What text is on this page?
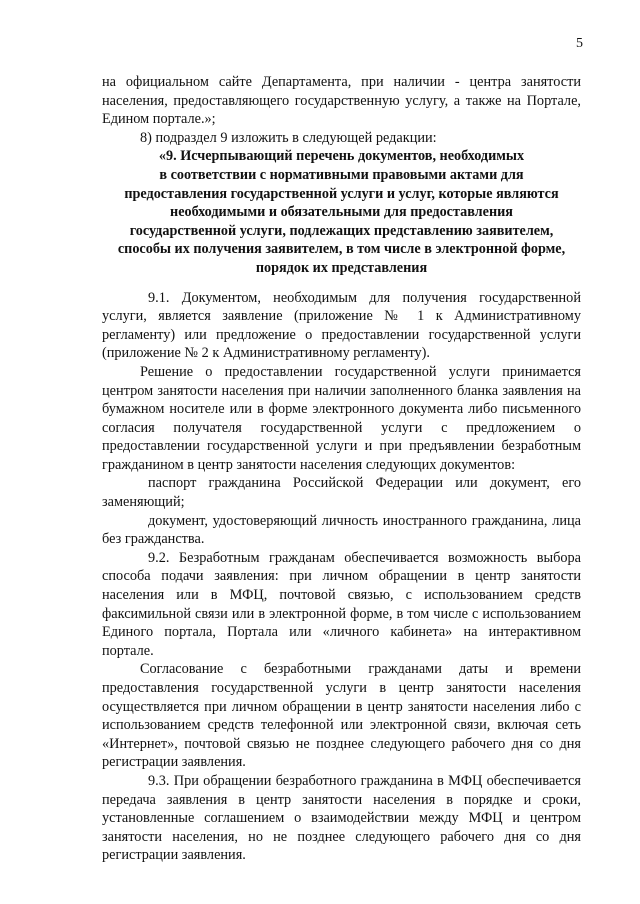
5

на официальном сайте Департамента, при наличии - центра занятости населения, предоставляющего государственную услугу, а также на Портале, Едином портале.»;

8) подраздел 9 изложить в следующей редакции:

«9. Исчерпывающий перечень документов, необходимых

в соответствии с нормативными правовыми актами для

предоставления государственной услуги и услуг, которые являются

необходимыми и обязательными для предоставления

государственной услуги, подлежащих представлению заявителем,

способы их получения заявителем, в том числе в электронной форме,

порядок их представления

9.1. Документом, необходимым для получения государственной услуги, является заявление (приложение № 1 к Административному регламенту) или предложение о предоставлении государственной услуги (приложение № 2 к Административному регламенту).

Решение о предоставлении государственной услуги принимается центром занятости населения при наличии заполненного бланка заявления на бумажном носителе или в форме электронного документа либо письменного согласия получателя государственной услуги с предложением о предоставлении государственной услуги и при предъявлении безработным гражданином в центр занятости населения следующих документов:

паспорт гражданина Российской Федерации или документ, его заменяющий;

документ, удостоверяющий личность иностранного гражданина, лица без гражданства.

9.2. Безработным гражданам обеспечивается возможность выбора способа подачи заявления: при личном обращении в центр занятости населения или в МФЦ, почтовой связью, с использованием средств факсимильной связи или в электронной форме, в том числе с использованием Единого портала, Портала или «личного кабинета» на интерактивном портале.

Согласование с безработными гражданами даты и времени предоставления государственной услуги в центр занятости населения осуществляется при личном обращении в центр занятости населения либо с использованием средств телефонной или электронной связи, включая сеть «Интернет», почтовой связью не позднее следующего рабочего дня со дня регистрации заявления.

9.3. При обращении безработного гражданина в МФЦ обеспечивается передача заявления в центр занятости населения в порядке и сроки, установленные соглашением о взаимодействии между МФЦ и центром занятости населения, но не позднее следующего рабочего дня со дня регистрации заявления.
